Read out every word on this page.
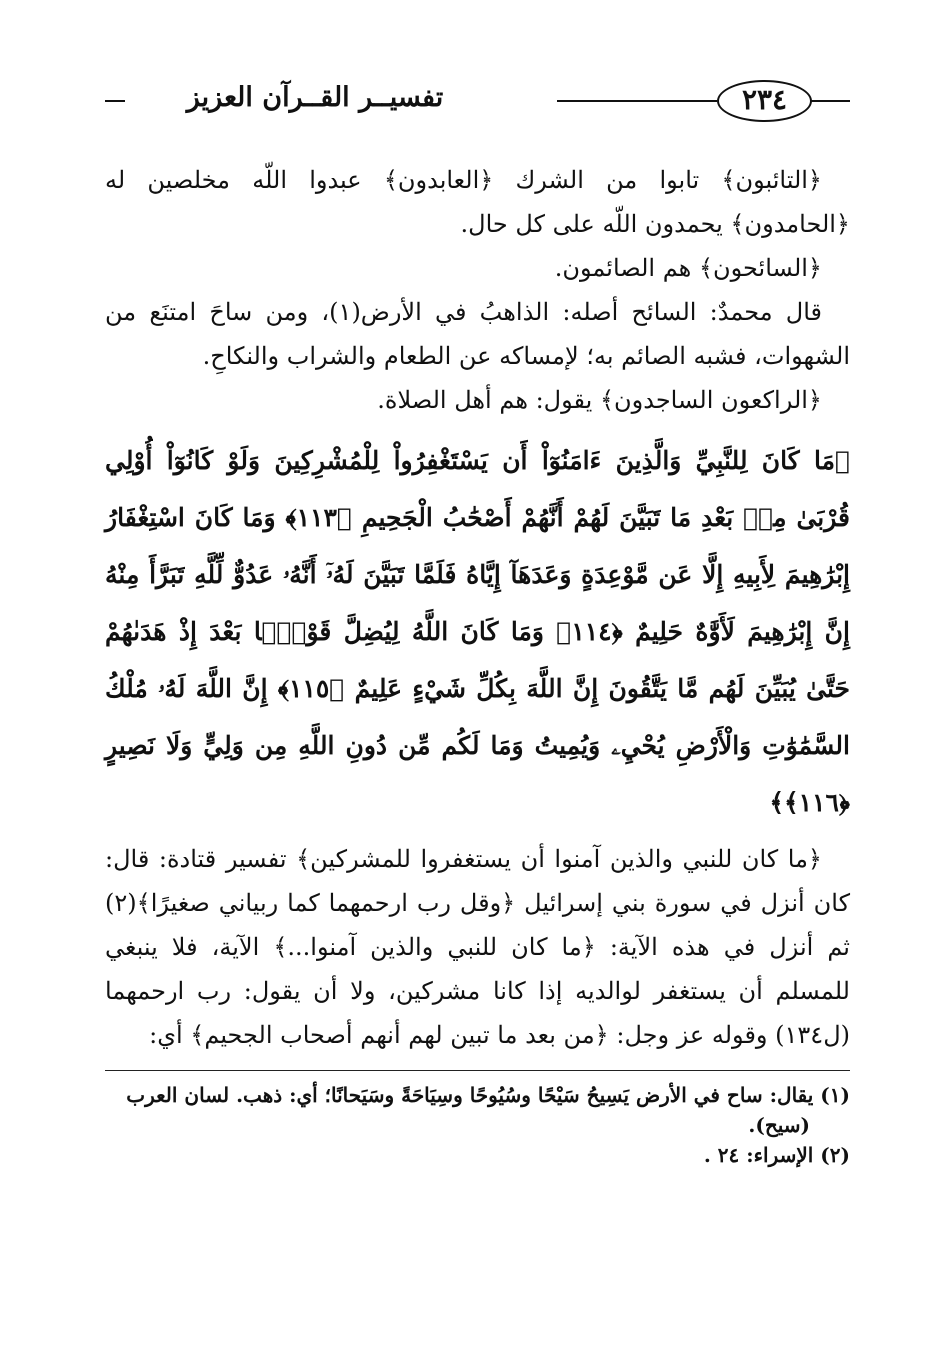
تفسيــر القــرآن العزيز	٢٣٤

﴿التائبون﴾ تابوا من الشرك ﴿العابدون﴾ عبدوا اللّه مخلصين له ﴿الحامدون﴾ يحمدون اللّه على كل حال.

﴿السائحون﴾ هم الصائمون.

قال محمدٌ: السائح أصله: الذاهبُ في الأرض(١)، ومن ساحَ امتنَع من الشهوات، فشبه الصائم به؛ لإمساكه عن الطعام والشراب والنكاحِ.

﴿الراكعون الساجدون﴾ يقول: هم أهل الصلاة.

﴿مَا كَانَ لِلنَّبِيِّ وَالَّذِينَ ءَامَنُوٓاْ أَن يَسْتَغْفِرُواْ لِلْمُشْرِكِينَ وَلَوْ كَانُوٓاْ أُوْلِي قُرْبَىٰ مِنۢ بَعْدِ مَا تَبَيَّنَ لَهُمْ أَنَّهُمْ أَصْحَٰبُ الْجَحِيمِ ﴿١١٣﴾ وَمَا كَانَ اسْتِغْفَارُ إِبْرَٰهِيمَ لِأَبِيهِ إِلَّا عَن مَّوْعِدَةٍ وَعَدَهَآ إِيَّاهُ فَلَمَّا تَبَيَّنَ لَهُۥٓ أَنَّهُۥ عَدُوٌّ لِّلَّهِ تَبَرَّأَ مِنْهُ إِنَّ إِبْرَٰهِيمَ لَأَوَّٰهٌ حَلِيمٌ ﴿١١٤﴾ وَمَا كَانَ اللَّهُ لِيُضِلَّ قَوْمًۢا بَعْدَ إِذْ هَدَىٰهُمْ حَتَّىٰ يُبَيِّنَ لَهُم مَّا يَتَّقُونَ إِنَّ اللَّهَ بِكُلِّ شَيْءٍ عَلِيمٌ ﴿١١٥﴾ إِنَّ اللَّهَ لَهُۥ مُلْكُ السَّمَٰوَٰتِ وَالْأَرْضِ يُحْيِۦ وَيُمِيتُ وَمَا لَكُم مِّن دُونِ اللَّهِ مِن وَلِيٍّ وَلَا نَصِيرٍ ﴿١١٦﴾﴾

﴿ما كان للنبي والذين آمنوا أن يستغفروا للمشركين﴾ تفسير قتادة: قال: كان أنزل في سورة بني إسرائيل ﴿وقل رب ارحمهما كما ربياني صغيرًا﴾(٢) ثم أنزل في هذه الآية: ﴿ما كان للنبي والذين آمنوا...﴾ الآية، فلا ينبغي للمسلم أن يستغفر لوالديه إذا كانا مشركين، ولا أن يقول: رب ارحمهما (ل١٣٤) وقوله عز وجل: ﴿من بعد ما تبين لهم أنهم أصحاب الجحيم﴾ أي:

(١) يقال: ساح في الأرض يَسِيحُ سَيْحًا وسُيُوحًا وسِيَاحَةً وسَيَحانًا؛ أي: ذهب. لسان العرب (سيح).

(٢) الإسراء: ٢٤ .
